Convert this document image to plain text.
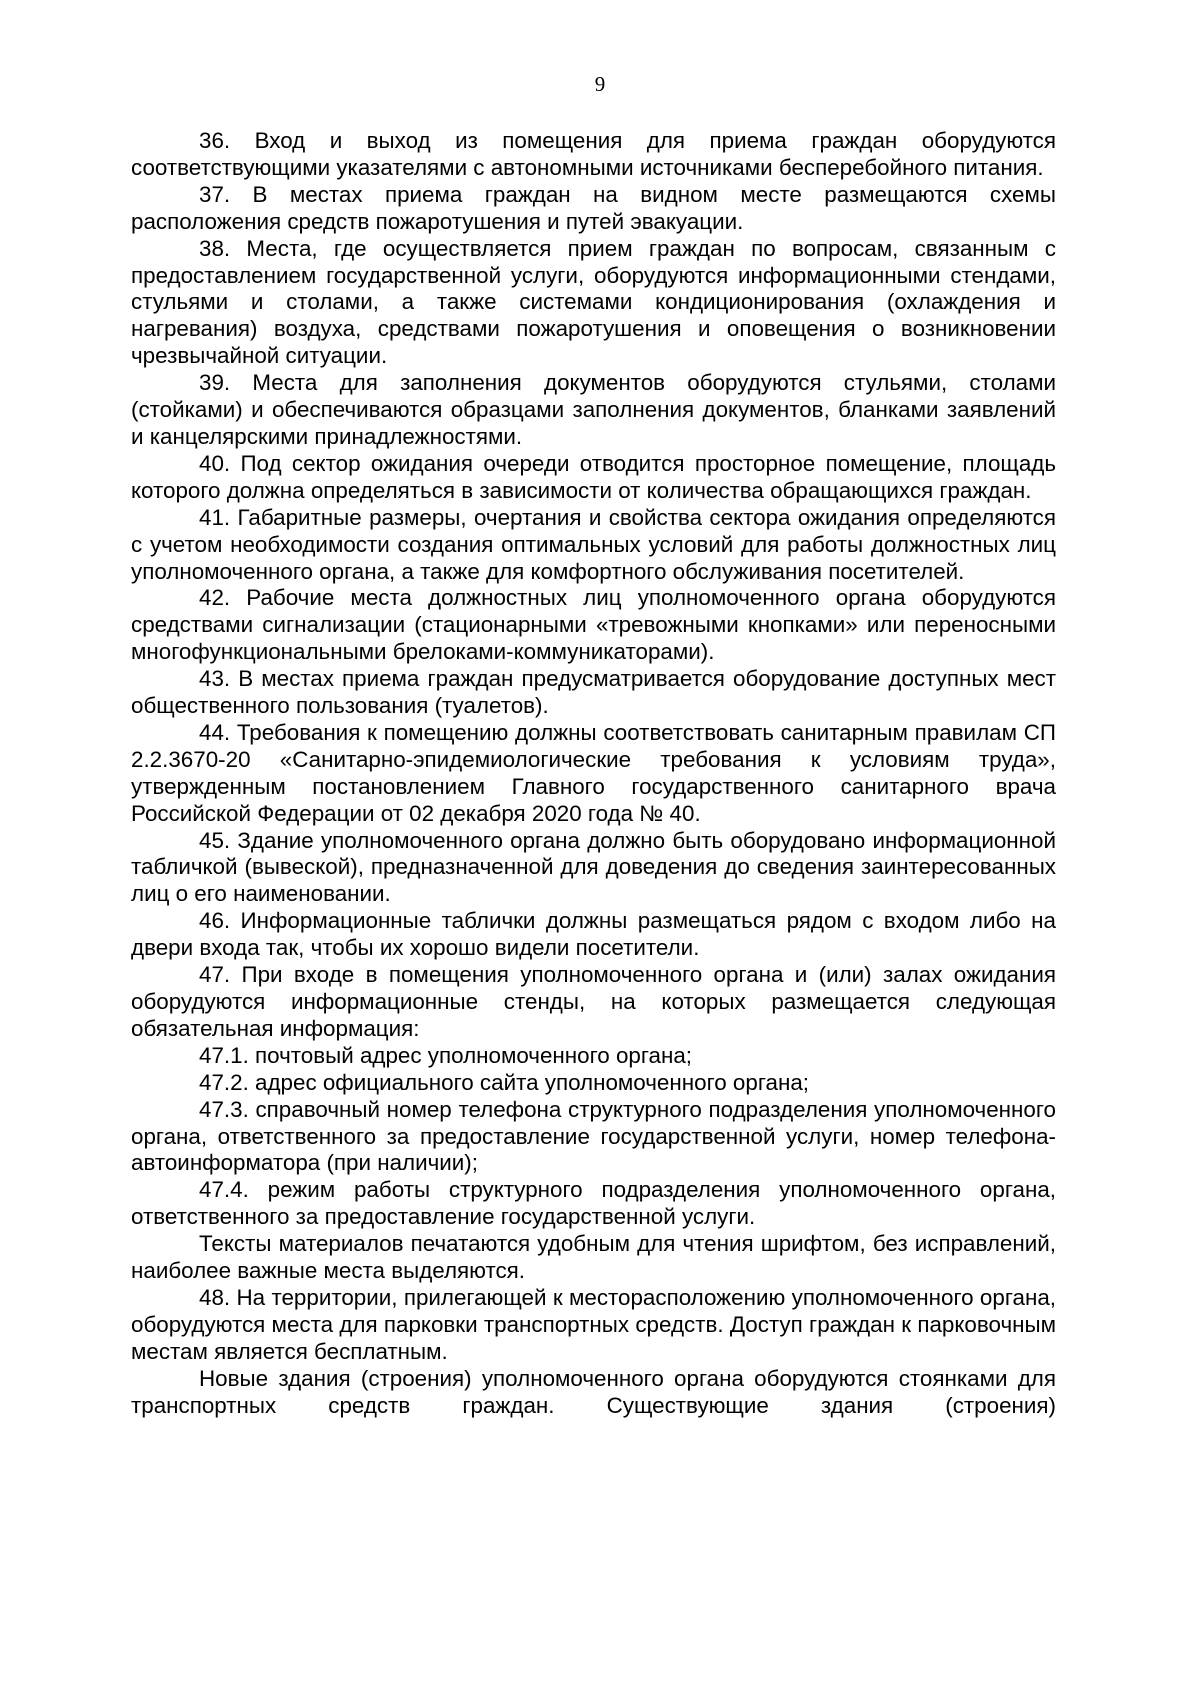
9

36. Вход и выход из помещения для приема граждан оборудуются соответствующими указателями с автономными источниками бесперебойного питания.

37. В местах приема граждан на видном месте размещаются схемы расположения средств пожаротушения и путей эвакуации.

38. Места, где осуществляется прием граждан по вопросам, связанным с предоставлением государственной услуги, оборудуются информационными стендами, стульями и столами, а также системами кондиционирования (охлаждения и нагревания) воздуха, средствами пожаротушения и оповещения о возникновении чрезвычайной ситуации.

39. Места для заполнения документов оборудуются стульями, столами (стойками) и обеспечиваются образцами заполнения документов, бланками заявлений и канцелярскими принадлежностями.

40. Под сектор ожидания очереди отводится просторное помещение, площадь которого должна определяться в зависимости от количества обращающихся граждан.

41. Габаритные размеры, очертания и свойства сектора ожидания определяются с учетом необходимости создания оптимальных условий для работы должностных лиц уполномоченного органа, а также для комфортного обслуживания посетителей.

42. Рабочие места должностных лиц уполномоченного органа оборудуются средствами сигнализации (стационарными «тревожными кнопками» или переносными многофункциональными брелоками-коммуникаторами).

43. В местах приема граждан предусматривается оборудование доступных мест общественного пользования (туалетов).

44. Требования к помещению должны соответствовать санитарным правилам СП 2.2.3670-20 «Санитарно-эпидемиологические требования к условиям труда», утвержденным постановлением Главного государственного санитарного врача Российской Федерации от 02 декабря 2020 года № 40.

45. Здание уполномоченного органа должно быть оборудовано информационной табличкой (вывеской), предназначенной для доведения до сведения заинтересованных лиц о его наименовании.

46. Информационные таблички должны размещаться рядом с входом либо на двери входа так, чтобы их хорошо видели посетители.

47. При входе в помещения уполномоченного органа и (или) залах ожидания оборудуются информационные стенды, на которых размещается следующая обязательная информация:

47.1. почтовый адрес уполномоченного органа;

47.2. адрес официального сайта уполномоченного органа;

47.3. справочный номер телефона структурного подразделения уполномоченного органа, ответственного за предоставление государственной услуги, номер телефона-автоинформатора (при наличии);

47.4. режим работы структурного подразделения уполномоченного органа, ответственного за предоставление государственной услуги.

Тексты материалов печатаются удобным для чтения шрифтом, без исправлений, наиболее важные места выделяются.

48. На территории, прилегающей к месторасположению уполномоченного органа, оборудуются места для парковки транспортных средств. Доступ граждан к парковочным местам является бесплатным.

Новые здания (строения) уполномоченного органа оборудуются стоянками для транспортных средств граждан. Существующие здания (строения)
